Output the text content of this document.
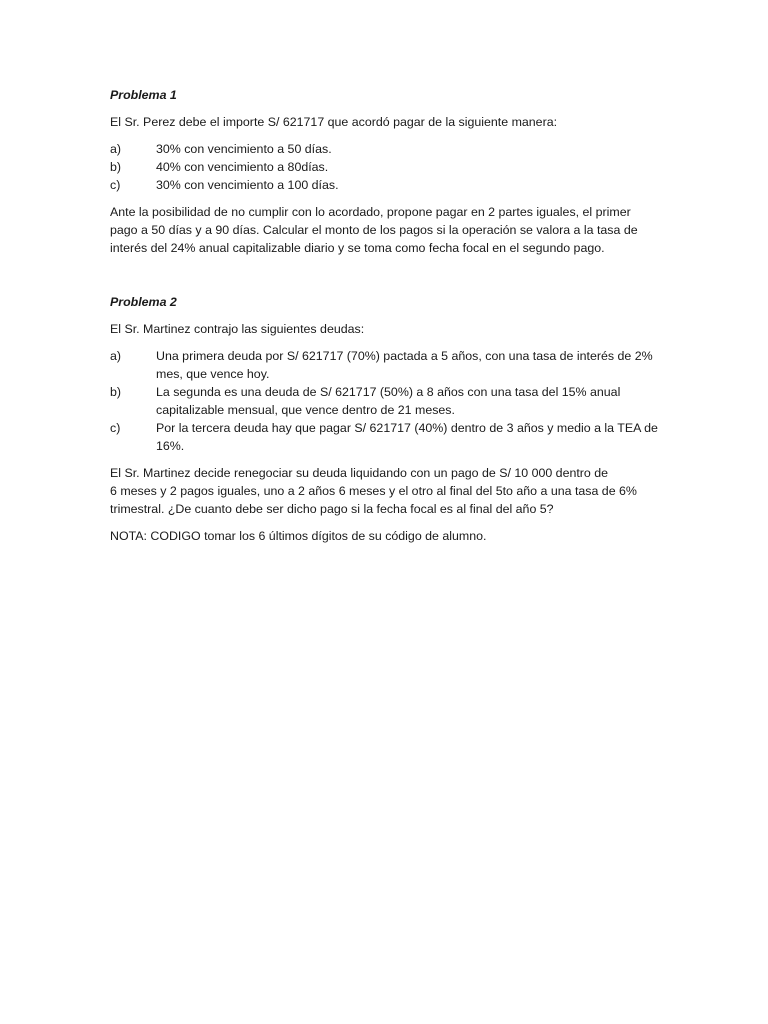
Problema 1

El Sr. Perez debe el importe S/ 621717 que acordó pagar de la siguiente manera:

a)	30% con vencimiento a 50 días.
b)	40% con vencimiento a 80días.
c)	30% con vencimiento a 100 días.

Ante la posibilidad de no cumplir con lo acordado, propone pagar en 2 partes iguales, el primer pago a 50 días y a 90 días. Calcular el monto de los pagos si la operación se valora a la tasa de interés del 24% anual capitalizable diario y se toma como fecha focal en el segundo pago.

Problema 2

El Sr. Martinez contrajo las siguientes deudas:

a)	Una primera deuda por S/ 621717 (70%) pactada a 5 años, con una tasa de interés de 2% mes, que vence hoy.
b)	La segunda es una deuda de S/ 621717 (50%) a 8 años con una tasa del 15% anual capitalizable mensual, que vence dentro de 21 meses.
c)	Por la tercera deuda hay que pagar S/ 621717 (40%) dentro de 3 años y medio a la TEA de 16%.

El Sr. Martinez decide renegociar su deuda liquidando con un pago de S/ 10 000 dentro de
6 meses y 2 pagos iguales, uno a 2 años 6 meses y el otro al final del 5to año a una tasa de 6% trimestral. ¿De cuanto debe ser dicho pago si la fecha focal es al final del año 5?

NOTA: CODIGO tomar los 6 últimos dígitos de su código de alumno.
